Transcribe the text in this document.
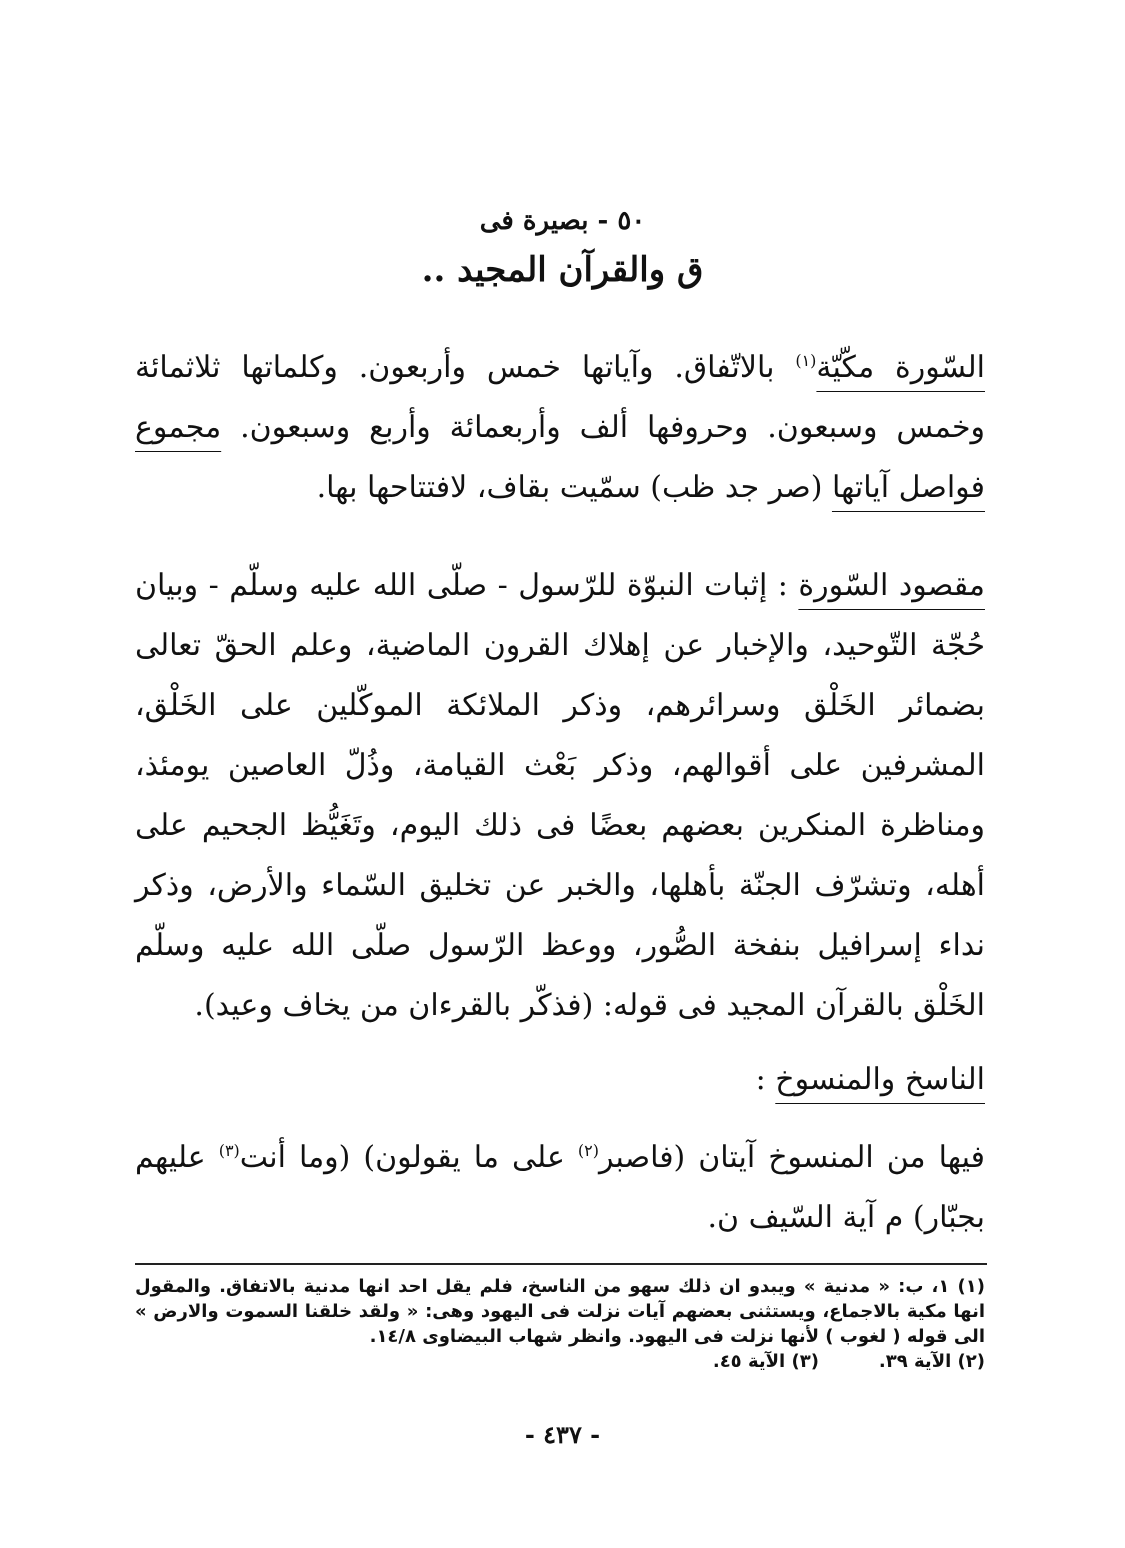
٥٠ - بصيرة فى
ق والقرآن المجيد ..
السّورة مكّيّة$^{(١)}$ بالاتّفاق. وآياتها خمس وأربعون. وكلماتها ثلاثمائة وخمس وسبعون. وحروفها ألف وأربعمائة وأربع وسبعون. مجموع فواصل آياتها (صر جد ظب) سمّيت بقاف، لافتتاحها بها.
مقصود السّورة : إثبات النبوّة للرّسول - صلّى الله عليه وسلّم - وبيان حُجّة التّوحيد، والإخبار عن إهلاك القرون الماضية، وعلم الحقّ تعالى بضمائر الخَلْق وسرائرهم، وذكر الملائكة الموكّلين على الخَلْق، المشرفين على أقوالهم، وذكر بَعْث القيامة، وذُلّ العاصين يومئذ، ومناظرة المنكرين بعضهم بعضًا فى ذلك اليوم، وتَغَيُّظ الجحيم على أهله، وتشرّف الجنّة بأهلها، والخبر عن تخليق السّماء والأرض، وذكر نداء إسرافيل بنفخة الصُّور، ووعظ الرّسول صلّى الله عليه وسلّم الخَلْق بالقرآن المجيد فى قوله: (فذكّر بالقرءان من يخاف وعيد).
الناسخ والمنسوخ :
فيها من المنسوخ آيتان (فاصبر$^{(٢)}$ على ما يقولون) (وما أنت$^{(٣)}$ عليهم بجبّار) م آية السّيف ن.
(١) ١، ب: « مدنية » ويبدو ان ذلك سهو من الناسخ، فلم يقل احد انها مدنية بالاتفاق. والمقول انها مكية بالاجماع، ويستثنى بعضهم آيات نزلت فى اليهود وهى: « ولقد خلقنا السموت والارض » الى قوله ( لغوب ) لأنها نزلت فى اليهود. وانظر شهاب البيضاوى ١٤/٨.
(٢) الآية ٣٩.
(٣) الآية ٤٥.
- ٤٣٧ -
